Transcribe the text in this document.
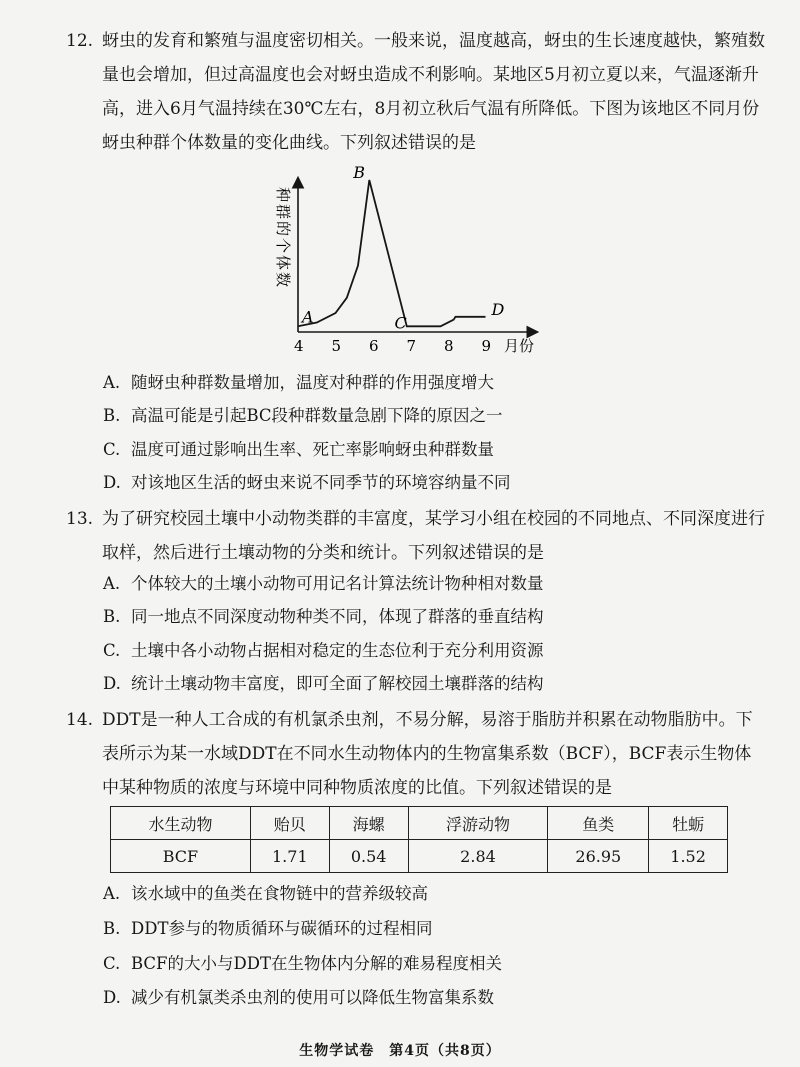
12. 蚜虫的发育和繁殖与温度密切相关。一般来说，温度越高，蚜虫的生长速度越快，繁殖数量也会增加，但过高温度也会对蚜虫造成不利影响。某地区5月初立夏以来，气温逐渐升高，进入6月气温持续在30℃左右，8月初立秋后气温有所降低。下图为该地区不同月份蚜虫种群个体数量的变化曲线。下列叙述错误的是
种群的个体数
月份
4 5 6 7 8 9
A
B
C
D
A. 随蚜虫种群数量增加，温度对种群的作用强度增大
B. 高温可能是引起BC段种群数量急剧下降的原因之一
C. 温度可通过影响出生率、死亡率影响蚜虫种群数量
D. 对该地区生活的蚜虫来说不同季节的环境容纳量不同
13. 为了研究校园土壤中小动物类群的丰富度，某学习小组在校园的不同地点、不同深度进行取样，然后进行土壤动物的分类和统计。下列叙述错误的是
A. 个体较大的土壤小动物可用记名计算法统计物种相对数量
B. 同一地点不同深度动物种类不同，体现了群落的垂直结构
C. 土壤中各小动物占据相对稳定的生态位利于充分利用资源
D. 统计土壤动物丰富度，即可全面了解校园土壤群落的结构
14. DDT是一种人工合成的有机氯杀虫剂，不易分解，易溶于脂肪并积累在动物脂肪中。下表所示为某一水域DDT在不同水生动物体内的生物富集系数（BCF），BCF表示生物体中某种物质的浓度与环境中同种物质浓度的比值。下列叙述错误的是
水生动物	贻贝	海螺	浮游动物	鱼类	牡蛎
BCF	1.71	0.54	2.84	26.95	1.52
A. 该水域中的鱼类在食物链中的营养级较高
B. DDT参与的物质循环与碳循环的过程相同
C. BCF的大小与DDT在生物体内分解的难易程度相关
D. 减少有机氯类杀虫剂的使用可以降低生物富集系数
生物学试卷　第4页（共8页）
